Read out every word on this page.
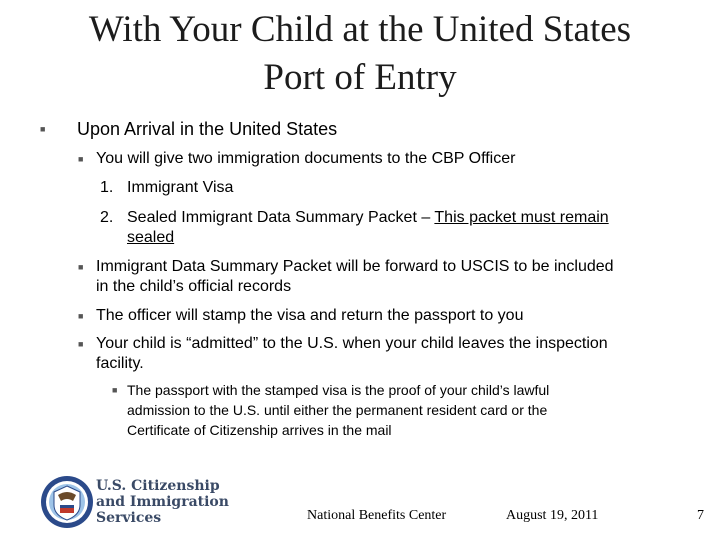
With Your Child at the United States
Port of Entry
■ Upon Arrival in the United States
■ You will give two immigration documents to the CBP Officer
1. Immigrant Visa
2. Sealed Immigrant Data Summary Packet – This packet must remain
sealed
■ Immigrant Data Summary Packet will be forward to USCIS to be included
in the child’s official records
■ The officer will stamp the visa and return the passport to you
■ Your child is “admitted” to the U.S. when your child leaves the inspection
facility.
■ The passport with the stamped visa is the proof of your child’s lawful
admission to the U.S. until either the permanent resident card or the
Certificate of Citizenship arrives in the mail
U.S. Citizenship
and Immigration
Services	National Benefits Center	August 19, 2011	7
